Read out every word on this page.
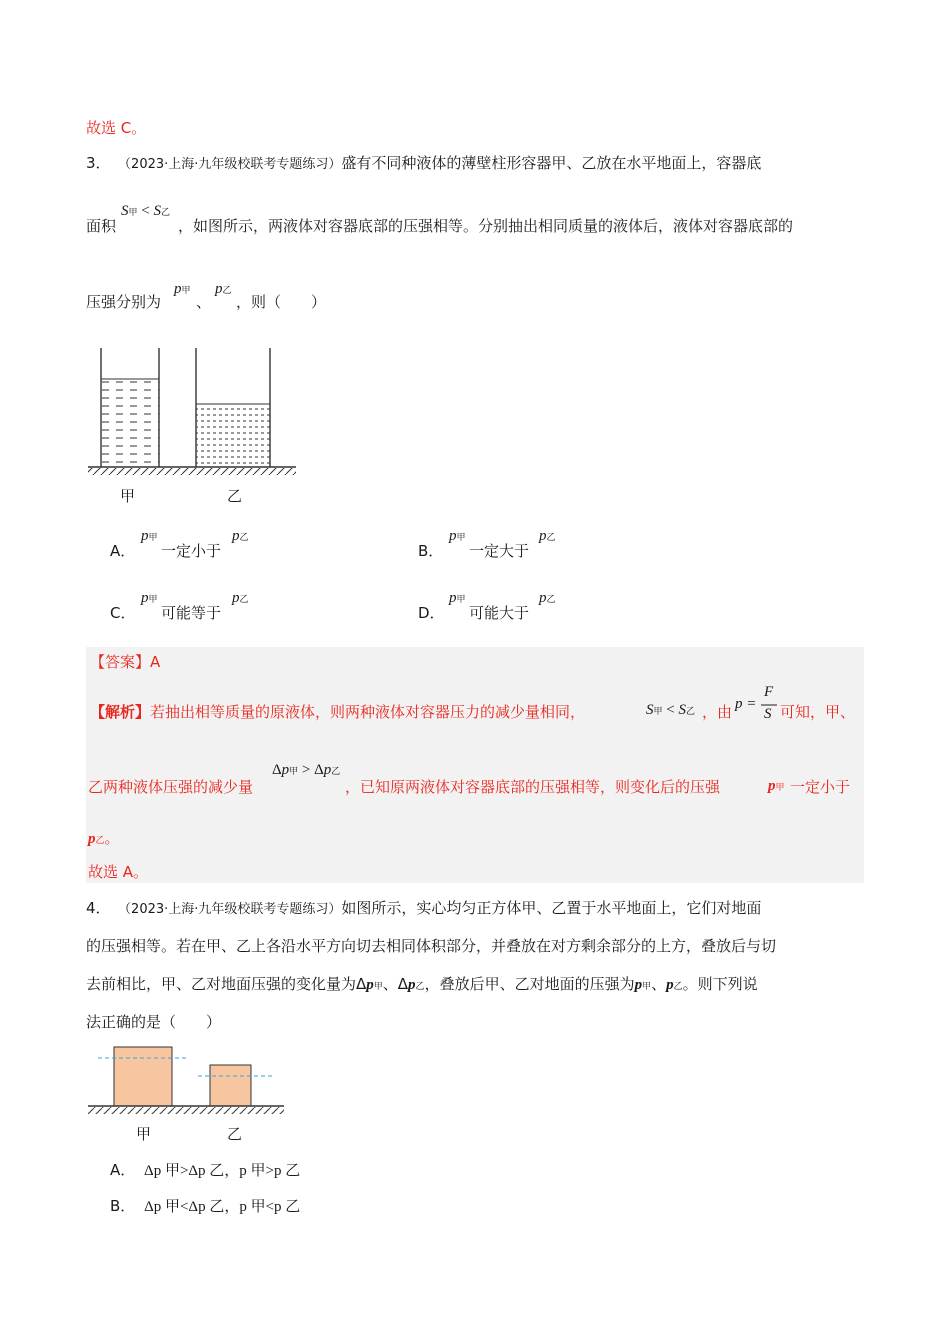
故选 C。
3． （2023·上海·九年级校联考专题练习）盛有不同种液体的薄壁柱形容器甲、乙放在水平地面上，容器底
面积
S甲 < S乙
，如图所示，两液体对容器底部的压强相等。分别抽出相同质量的液体后，液体对容器底部的
压强分别为
p甲
、
p乙
，则（　　）
甲	乙
A．
p甲
一定小于
p乙
B．
p甲
一定大于
p乙
C．
p甲
可能等于
p乙
D．
p甲
可能大于
p乙
【答案】A
【解析】若抽出相等质量的原液体，则两种液体对容器压力的减少量相同，	S甲 < S乙 ，由 p =
F
S 可知，甲、
乙两种液体压强的减少量
Δp甲 > Δp乙
，已知原两液体对容器底部的压强相等，则变化后的压强	p甲 一定小于
p乙。
故选 A。
4． （2023·上海·九年级校联考专题练习）如图所示，实心均匀正方体甲、乙置于水平地面上，它们对地面
的压强相等。若在甲、乙上各沿水平方向切去相同体积部分，并叠放在对方剩余部分的上方，叠放后与切
去前相比，甲、乙对地面压强的变化量为Δp甲、Δp乙，叠放后甲、乙对地面的压强为p甲、p乙。则下列说
法正确的是（　　）
甲	乙
A． Δp 甲>Δp 乙，p 甲>p 乙
B． Δp 甲<Δp 乙，p 甲<p 乙
